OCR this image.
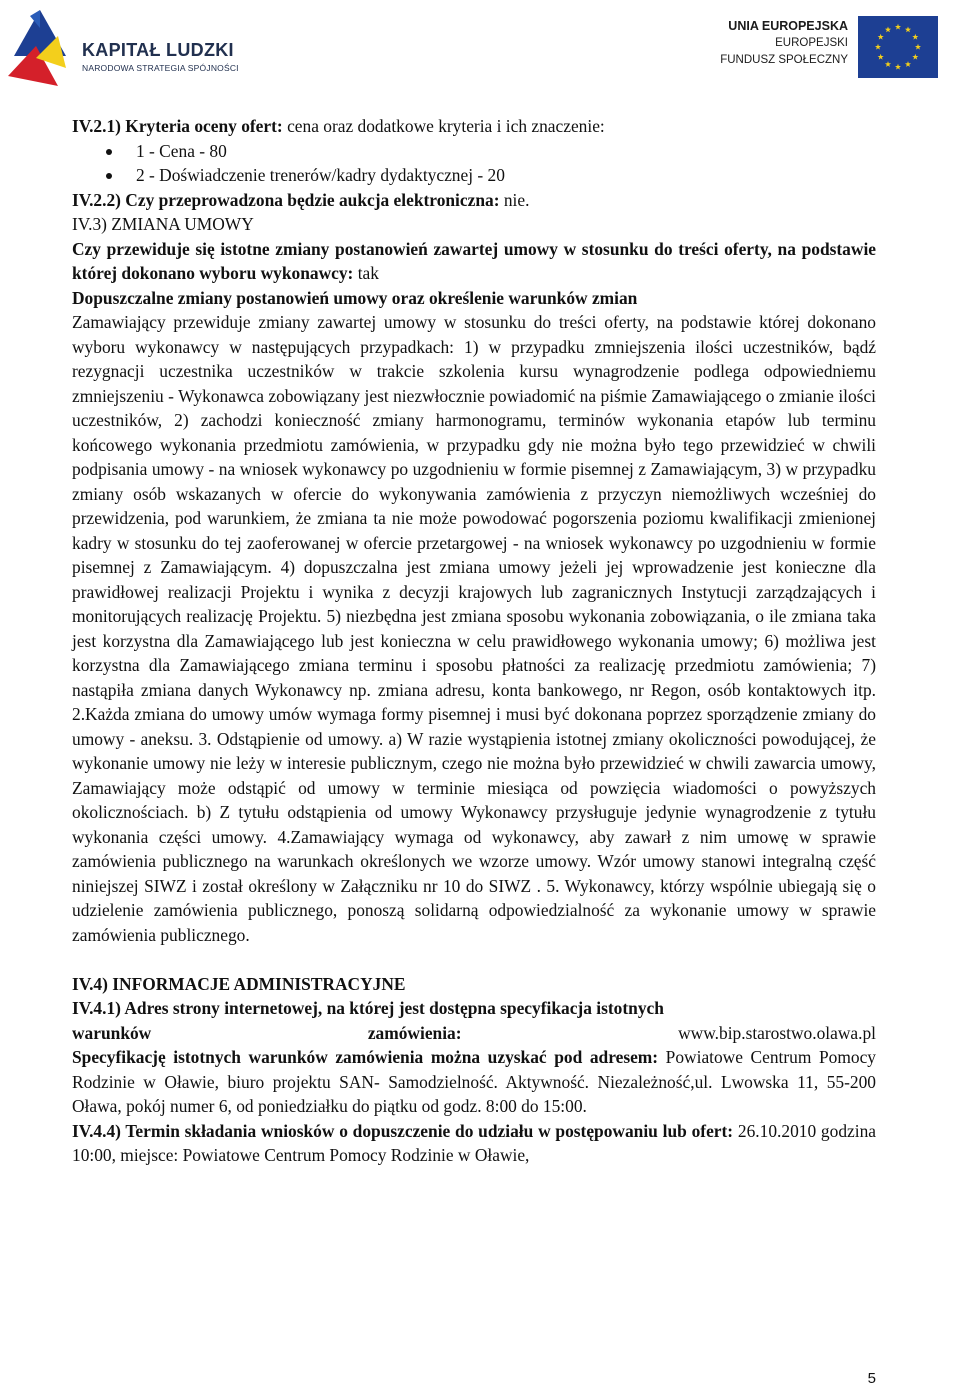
KAPITAŁ LUDZKI
NARODOWA STRATEGIA SPÓJNOŚCI
UNIA EUROPEJSKA
EUROPEJSKI
FUNDUSZ SPOŁECZNY

IV.2.1) Kryteria oceny ofert: cena oraz dodatkowe kryteria i ich znaczenie:

1 - Cena - 80
2 - Doświadczenie trenerów/kadry dydaktycznej - 20

IV.2.2) Czy przeprowadzona będzie aukcja elektroniczna: nie.

IV.3) ZMIANA UMOWY

Czy przewiduje się istotne zmiany postanowień zawartej umowy w stosunku do treści oferty, na podstawie której dokonano wyboru wykonawcy: tak

Dopuszczalne zmiany postanowień umowy oraz określenie warunków zmian

Zamawiający przewiduje zmiany zawartej umowy w stosunku do treści oferty, na podstawie której dokonano wyboru wykonawcy w następujących przypadkach: 1) w przypadku zmniejszenia ilości uczestników, bądź rezygnacji uczestnika uczestników w trakcie szkolenia kursu wynagrodzenie podlega odpowiedniemu zmniejszeniu - Wykonawca zobowiązany jest niezwłocznie powiadomić na piśmie Zamawiającego o zmianie ilości uczestników, 2) zachodzi konieczność zmiany harmonogramu, terminów wykonania etapów lub terminu końcowego wykonania przedmiotu zamówienia, w przypadku gdy nie można było tego przewidzieć w chwili podpisania umowy - na wniosek wykonawcy po uzgodnieniu w formie pisemnej z Zamawiającym, 3) w przypadku zmiany osób wskazanych w ofercie do wykonywania zamówienia z przyczyn niemożliwych wcześniej do przewidzenia, pod warunkiem, że zmiana ta nie może powodować pogorszenia poziomu kwalifikacji zmienionej kadry w stosunku do tej zaoferowanej w ofercie przetargowej - na wniosek wykonawcy po uzgodnieniu w formie pisemnej z Zamawiającym. 4) dopuszczalna jest zmiana umowy jeżeli jej wprowadzenie jest konieczne dla prawidłowej realizacji Projektu i wynika z decyzji krajowych lub zagranicznych Instytucji zarządzających i monitorujących realizację Projektu. 5) niezbędna jest zmiana sposobu wykonania zobowiązania, o ile zmiana taka jest korzystna dla Zamawiającego lub jest konieczna w celu prawidłowego wykonania umowy; 6) możliwa jest korzystna dla Zamawiającego zmiana terminu i sposobu płatności za realizację przedmiotu zamówienia; 7) nastąpiła zmiana danych Wykonawcy np. zmiana adresu, konta bankowego, nr Regon, osób kontaktowych itp. 2.Każda zmiana do umowy umów wymaga formy pisemnej i musi być dokonana poprzez sporządzenie zmiany do umowy - aneksu. 3. Odstąpienie od umowy. a) W razie wystąpienia istotnej zmiany okoliczności powodującej, że wykonanie umowy nie leży w interesie publicznym, czego nie można było przewidzieć w chwili zawarcia umowy, Zamawiający może odstąpić od umowy w terminie miesiąca od powzięcia wiadomości o powyższych okolicznościach. b) Z tytułu odstąpienia od umowy Wykonawcy przysługuje jedynie wynagrodzenie z tytułu wykonania części umowy. 4.Zamawiający wymaga od wykonawcy, aby zawarł z nim umowę w sprawie zamówienia publicznego na warunkach określonych we wzorze umowy. Wzór umowy stanowi integralną część niniejszej SIWZ i został określony w Załączniku nr 10 do SIWZ . 5. Wykonawcy, którzy wspólnie ubiegają się o udzielenie zamówienia publicznego, ponoszą solidarną odpowiedzialność za wykonanie umowy w sprawie zamówienia publicznego.

IV.4) INFORMACJE ADMINISTRACYJNE

IV.4.1) Adres strony internetowej, na której jest dostępna specyfikacja istotnych

warunków	zamówienia:	www.bip.starostwo.olawa.pl

Specyfikację istotnych warunków zamówienia można uzyskać pod adresem: Powiatowe Centrum Pomocy Rodzinie w Oławie, biuro projektu SAN- Samodzielność. Aktywność. Niezależność,ul. Lwowska 11, 55-200 Oława, pokój numer 6, od poniedziałku do piątku od godz. 8:00 do 15:00.

IV.4.4) Termin składania wniosków o dopuszczenie do udziału w postępowaniu lub ofert: 26.10.2010 godzina 10:00, miejsce: Powiatowe Centrum Pomocy Rodzinie w Oławie,

5
